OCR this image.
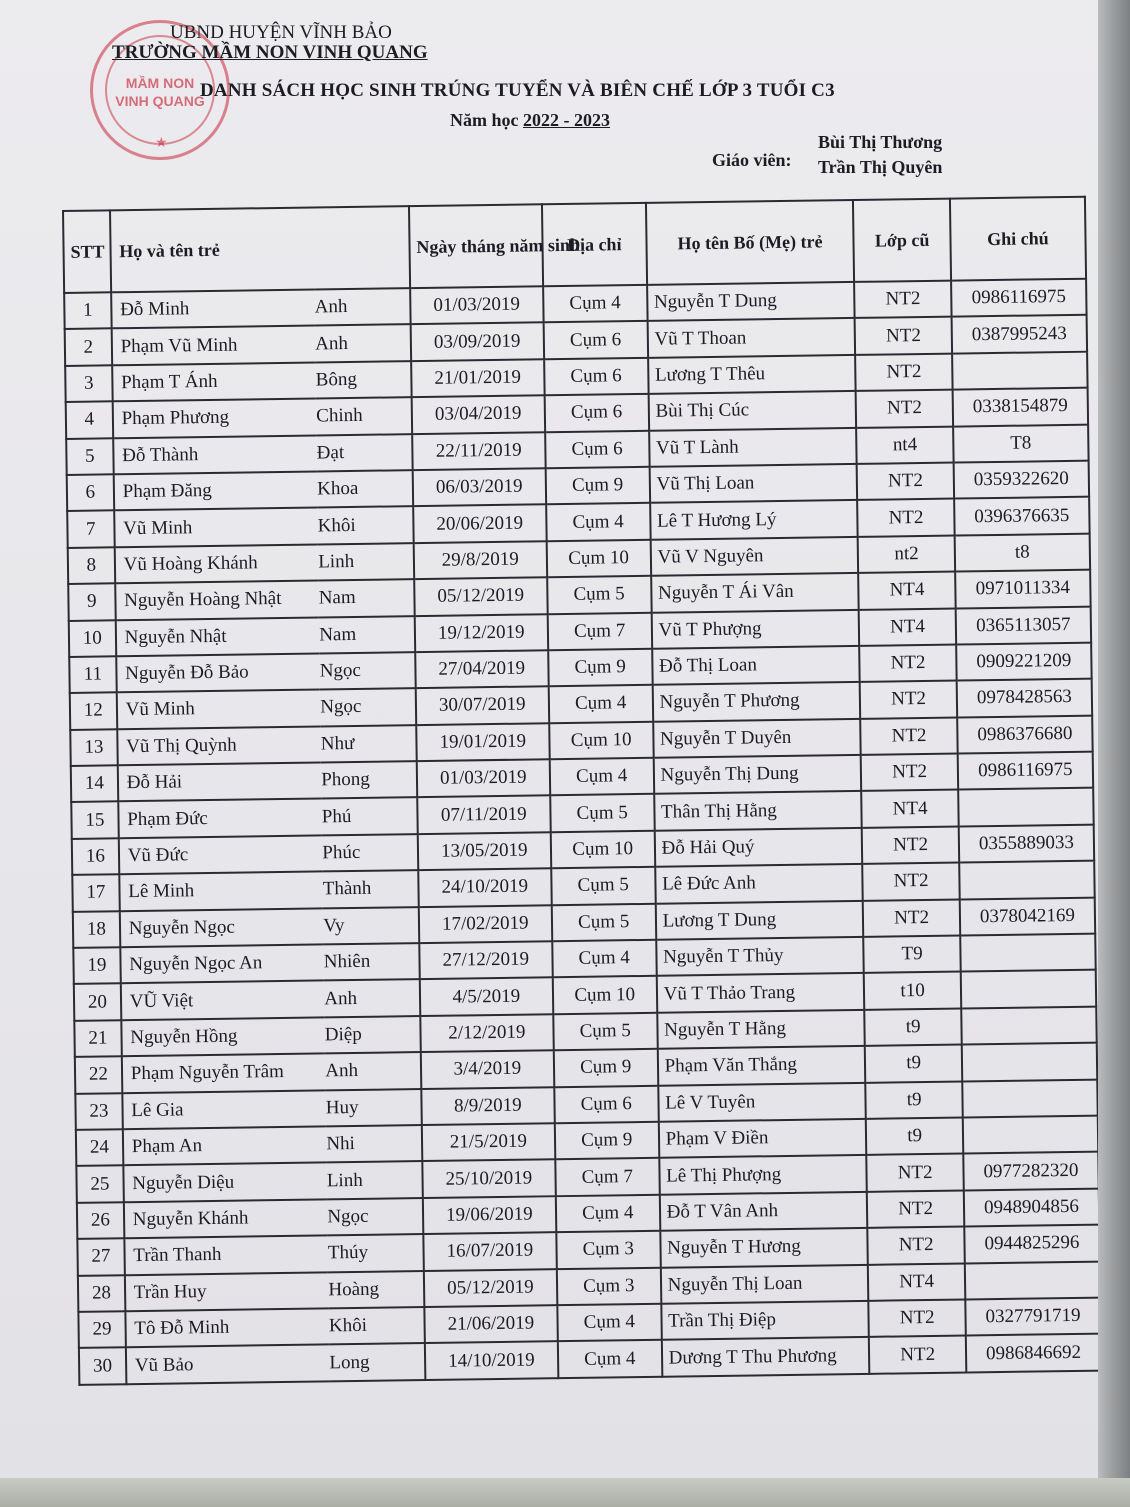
MẦM NON
VINH QUANG
★
UBND HUYỆN VĨNH BẢO
TRƯỜNG MẦM NON VINH QUANG
DANH SÁCH HỌC SINH TRÚNG TUYỂN VÀ BIÊN CHẾ LỚP 3 TUỔI C3
Năm học 2022 - 2023
Giáo viên:
Bùi Thị Thương
Trần Thị Quyên
STT	Họ và tên trẻ		Ngày tháng năm sinh	Địa chỉ	Họ tên Bố (Mẹ) trẻ	Lớp cũ	Ghi chú
1	Đỗ Minh	Anh	01/03/2019	Cụm 4	Nguyễn T Dung	NT2	0986116975
2	Phạm Vũ Minh	Anh	03/09/2019	Cụm 6	Vũ T Thoan	NT2	0387995243
3	Phạm T Ánh	Bông	21/01/2019	Cụm 6	Lương T Thêu	NT2	
4	Phạm Phương	Chinh	03/04/2019	Cụm 6	Bùi Thị Cúc	NT2	0338154879
5	Đỗ Thành	Đạt	22/11/2019	Cụm 6	Vũ T Lành	nt4	T8
6	Phạm Đăng	Khoa	06/03/2019	Cụm 9	Vũ Thị Loan	NT2	0359322620
7	Vũ Minh	Khôi	20/06/2019	Cụm 4	Lê T Hương Lý	NT2	0396376635
8	Vũ Hoàng Khánh	Linh	29/8/2019	Cụm 10	Vũ V Nguyên	nt2	t8
9	Nguyễn Hoàng Nhật	Nam	05/12/2019	Cụm 5	Nguyễn T Ái Vân	NT4	0971011334
10	Nguyễn Nhật	Nam	19/12/2019	Cụm 7	Vũ T Phượng	NT4	0365113057
11	Nguyễn Đỗ Bảo	Ngọc	27/04/2019	Cụm 9	Đỗ Thị Loan	NT2	0909221209
12	Vũ Minh	Ngọc	30/07/2019	Cụm 4	Nguyễn T Phương	NT2	0978428563
13	Vũ Thị Quỳnh	Như	19/01/2019	Cụm 10	Nguyễn T Duyên	NT2	0986376680
14	Đỗ Hải	Phong	01/03/2019	Cụm 4	Nguyễn Thị Dung	NT2	0986116975
15	Phạm Đức	Phú	07/11/2019	Cụm 5	Thân Thị Hằng	NT4	
16	Vũ Đức	Phúc	13/05/2019	Cụm 10	Đỗ Hải Quý	NT2	0355889033
17	Lê Minh	Thành	24/10/2019	Cụm 5	Lê Đức Anh	NT2	
18	Nguyễn Ngọc	Vy	17/02/2019	Cụm 5	Lương T Dung	NT2	0378042169
19	Nguyễn Ngọc An	Nhiên	27/12/2019	Cụm 4	Nguyễn T Thủy	T9	
20	VŨ Việt	Anh	4/5/2019	Cụm 10	Vũ T Thảo Trang	t10	
21	Nguyễn Hồng	Diệp	2/12/2019	Cụm 5	Nguyễn T Hằng	t9	
22	Phạm Nguyễn Trâm	Anh	3/4/2019	Cụm 9	Phạm Văn Thắng	t9	
23	Lê Gia	Huy	8/9/2019	Cụm 6	Lê V Tuyên	t9	
24	Phạm An	Nhi	21/5/2019	Cụm 9	Phạm V Điền	t9	
25	Nguyễn Diệu	Linh	25/10/2019	Cụm 7	Lê Thị Phượng	NT2	0977282320
26	Nguyễn Khánh	Ngọc	19/06/2019	Cụm 4	Đỗ T Vân Anh	NT2	0948904856
27	Trần Thanh	Thúy	16/07/2019	Cụm 3	Nguyễn T Hương	NT2	0944825296
28	Trần Huy	Hoàng	05/12/2019	Cụm 3	Nguyễn Thị Loan	NT4	
29	Tô Đỗ Minh	Khôi	21/06/2019	Cụm 4	Trần Thị Điệp	NT2	0327791719
30	Vũ Bảo	Long	14/10/2019	Cụm 4	Dương T Thu Phương	NT2	0986846692
